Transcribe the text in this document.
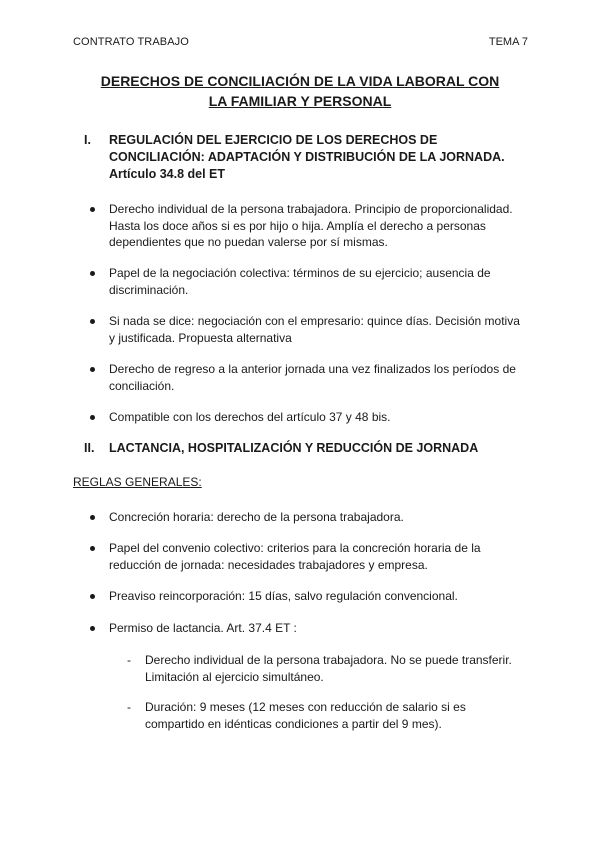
CONTRATO TRABAJO	TEMA 7
DERECHOS DE CONCILIACIÓN DE LA VIDA LABORAL CON
LA FAMILIAR Y PERSONAL
I. REGULACIÓN DEL EJERCICIO DE LOS DERECHOS DE
CONCILIACIÓN: ADAPTACIÓN Y DISTRIBUCIÓN DE LA JORNADA.
Artículo 34.8 del ET
Derecho individual de la persona trabajadora. Principio de proporcionalidad. Hasta los doce años si es por hijo o hija. Amplía el derecho a personas dependientes que no puedan valerse por sí mismas.
Papel de la negociación colectiva: términos de su ejercicio; ausencia de discriminación.
Si nada se dice: negociación con el empresario: quince días. Decisión motiva y justificada. Propuesta alternativa
Derecho de regreso a la anterior jornada una vez finalizados los períodos de conciliación.
Compatible con los derechos del artículo 37 y 48 bis.
II. LACTANCIA, HOSPITALIZACIÓN Y REDUCCIÓN DE JORNADA
REGLAS GENERALES:
Concreción horaria: derecho de la persona trabajadora.
Papel del convenio colectivo: criterios para la concreción horaria de la reducción de jornada: necesidades trabajadores y empresa.
Preaviso reincorporación: 15 días, salvo regulación convencional.
Permiso de lactancia. Art. 37.4 ET :
- Derecho individual de la persona trabajadora. No se puede transferir. Limitación al ejercicio simultáneo.
- Duración: 9 meses (12 meses con reducción de salario si es compartido en idénticas condiciones a partir del 9 mes).
